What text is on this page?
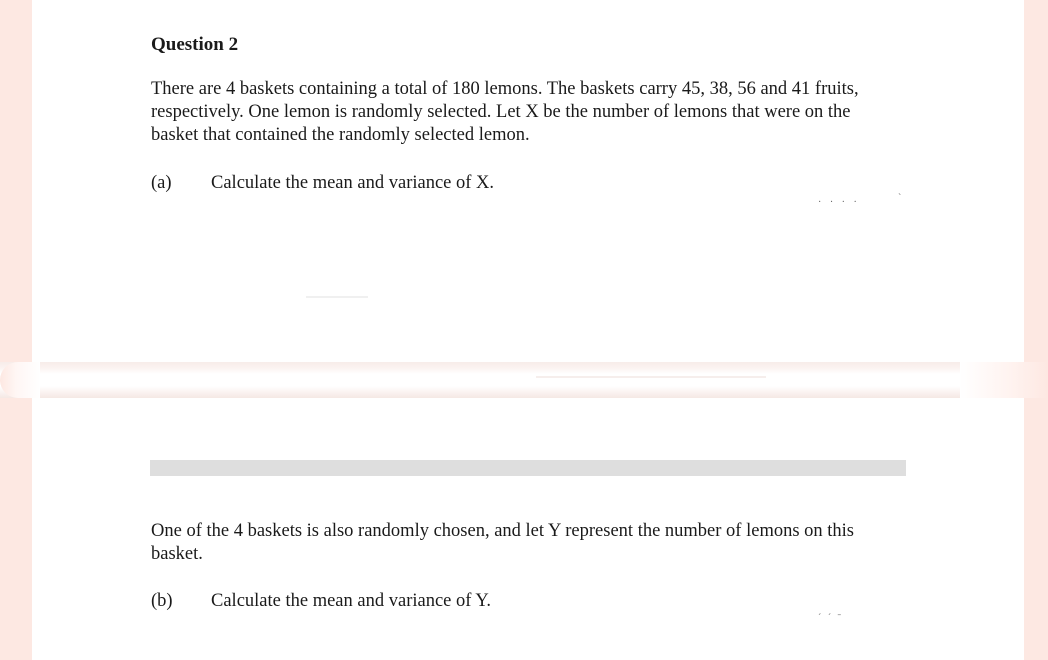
Question 2
There are 4 baskets containing a total of 180 lemons. The baskets carry 45, 38, 56 and 41 fruits,
respectively. One lemon is randomly selected. Let X be the number of lemons that were on the
basket that contained the randomly selected lemon.
(a) Calculate the mean and variance of X.
· · · ·	ˋ
One of the 4 baskets is also randomly chosen, and let Y represent the number of lemons on this
basket.
(b) Calculate the mean and variance of Y.
ˊ ˊ ˉ
